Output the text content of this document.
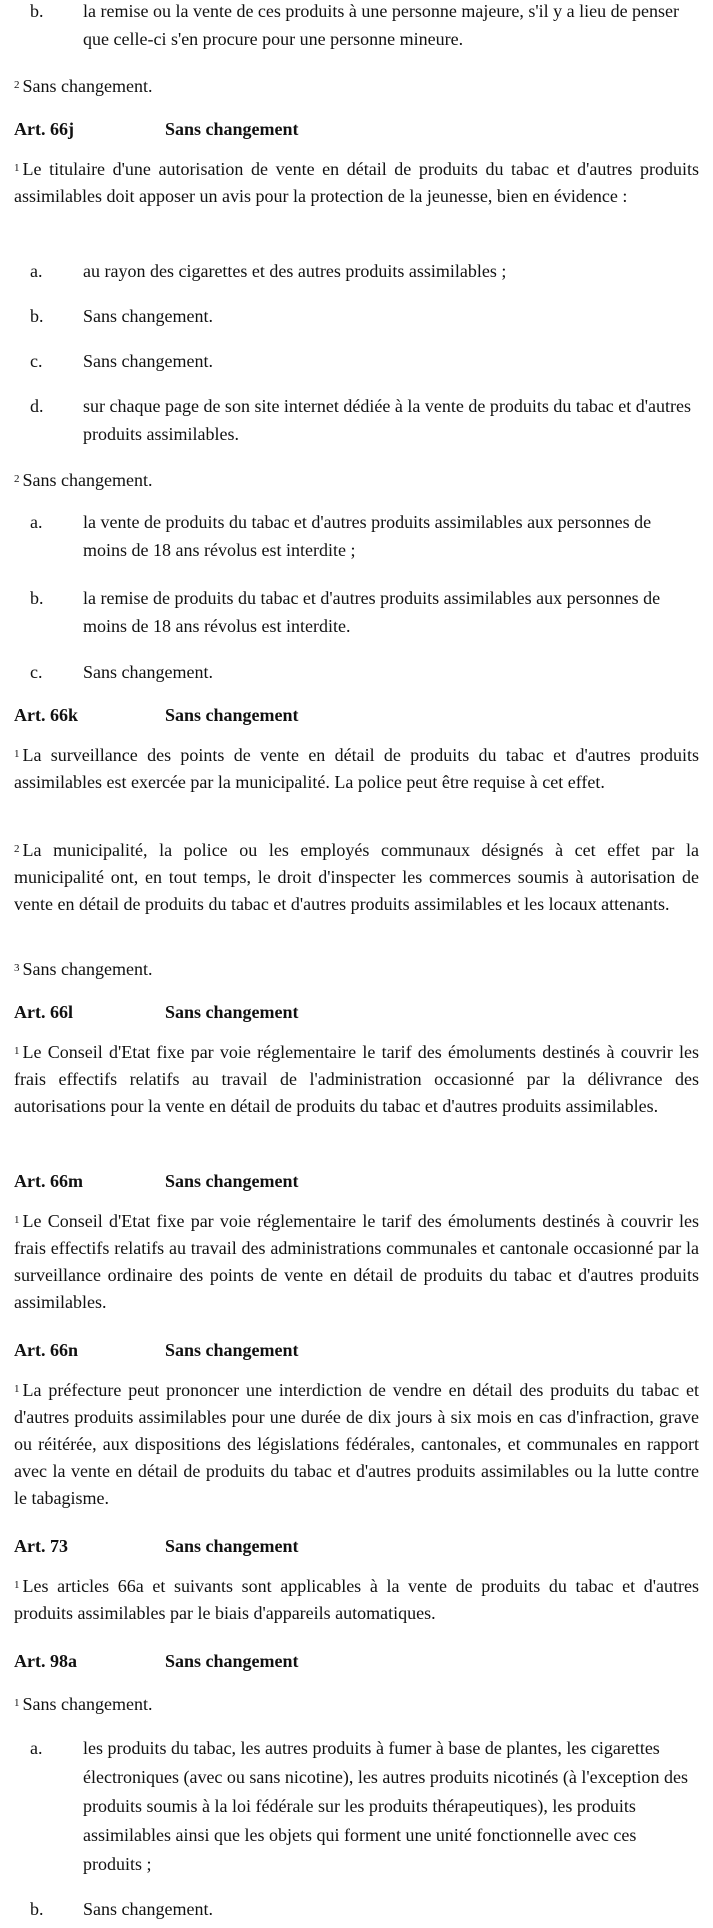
b.	la remise ou la vente de ces produits à une personne majeure, s'il y a lieu de penser que celle-ci s'en procure pour une personne mineure.
$^2$ Sans changement.
Art. 66j	Sans changement
$^1$ Le titulaire d'une autorisation de vente en détail de produits du tabac et d'autres produits assimilables doit apposer un avis pour la protection de la jeunesse, bien en évidence :
a.	au rayon des cigarettes et des autres produits assimilables ;
b.	Sans changement.
c.	Sans changement.
d.	sur chaque page de son site internet dédiée à la vente de produits du tabac et d'autres produits assimilables.
$^2$ Sans changement.
a.	la vente de produits du tabac et d'autres produits assimilables aux personnes de moins de 18 ans révolus est interdite ;
b.	la remise de produits du tabac et d'autres produits assimilables aux personnes de moins de 18 ans révolus est interdite.
c.	Sans changement.
Art. 66k	Sans changement
$^1$ La surveillance des points de vente en détail de produits du tabac et d'autres produits assimilables est exercée par la municipalité. La police peut être requise à cet effet.
$^2$ La municipalité, la police ou les employés communaux désignés à cet effet par la municipalité ont, en tout temps, le droit d'inspecter les commerces soumis à autorisation de vente en détail de produits du tabac et d'autres produits assimilables et les locaux attenants.
$^3$ Sans changement.
Art. 66l	Sans changement
$^1$ Le Conseil d'Etat fixe par voie réglementaire le tarif des émoluments destinés à couvrir les frais effectifs relatifs au travail de l'administration occasionné par la délivrance des autorisations pour la vente en détail de produits du tabac et d'autres produits assimilables.
Art. 66m	Sans changement
$^1$ Le Conseil d'Etat fixe par voie réglementaire le tarif des émoluments destinés à couvrir les frais effectifs relatifs au travail des administrations communales et cantonale occasionné par la surveillance ordinaire des points de vente en détail de produits du tabac et d'autres produits assimilables.
Art. 66n	Sans changement
$^1$ La préfecture peut prononcer une interdiction de vendre en détail des produits du tabac et d'autres produits assimilables pour une durée de dix jours à six mois en cas d'infraction, grave ou réitérée, aux dispositions des législations fédérales, cantonales, et communales en rapport avec la vente en détail de produits du tabac et d'autres produits assimilables ou la lutte contre le tabagisme.
Art. 73	Sans changement
$^1$ Les articles 66a et suivants sont applicables à la vente de produits du tabac et d'autres produits assimilables par le biais d'appareils automatiques.
Art. 98a	Sans changement
$^1$ Sans changement.
a.	les produits du tabac, les autres produits à fumer à base de plantes, les cigarettes électroniques (avec ou sans nicotine), les autres produits nicotinés (à l'exception des produits soumis à la loi fédérale sur les produits thérapeutiques), les produits assimilables ainsi que les objets qui forment une unité fonctionnelle avec ces produits ;
b.	Sans changement.
